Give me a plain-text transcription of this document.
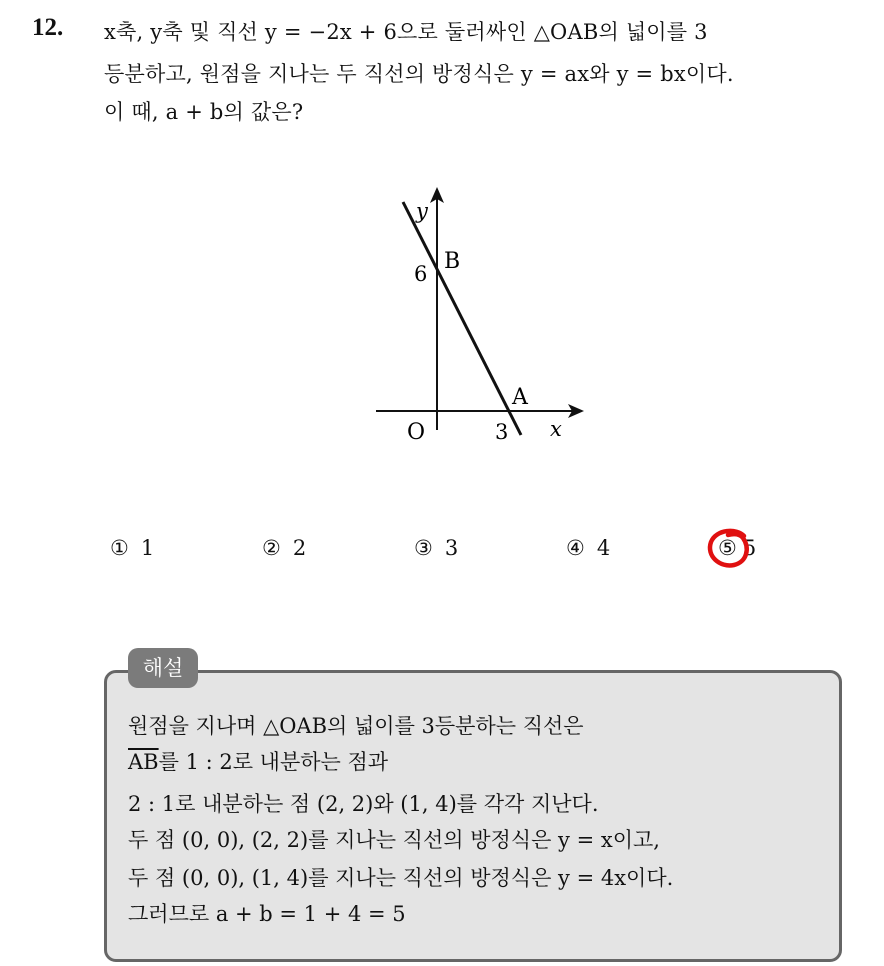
12. x축, y축 및 직선 y = −2x + 6으로 둘러싸인 △OAB의 넓이를 3
등분하고, 원점을 지나는 두 직선의 방정식은 y = ax와 y = bx이다.
이 때, a + b의 값은?
y
B
6
A
O	3 x
① 1	② 2	③ 3	④ 4	⑤ 5
해설
원점을 지나며 △OAB의 넓이를 3등분하는 직선은
$\overline{AB}$를 1 : 2로 내분하는 점과
2 : 1로 내분하는 점 (2, 2)와 (1, 4)를 각각 지난다.
두 점 (0, 0), (2, 2)를 지나는 직선의 방정식은 y = x이고,
두 점 (0, 0), (1, 4)를 지나는 직선의 방정식은 y = 4x이다.
그러므로 a + b = 1 + 4 = 5
